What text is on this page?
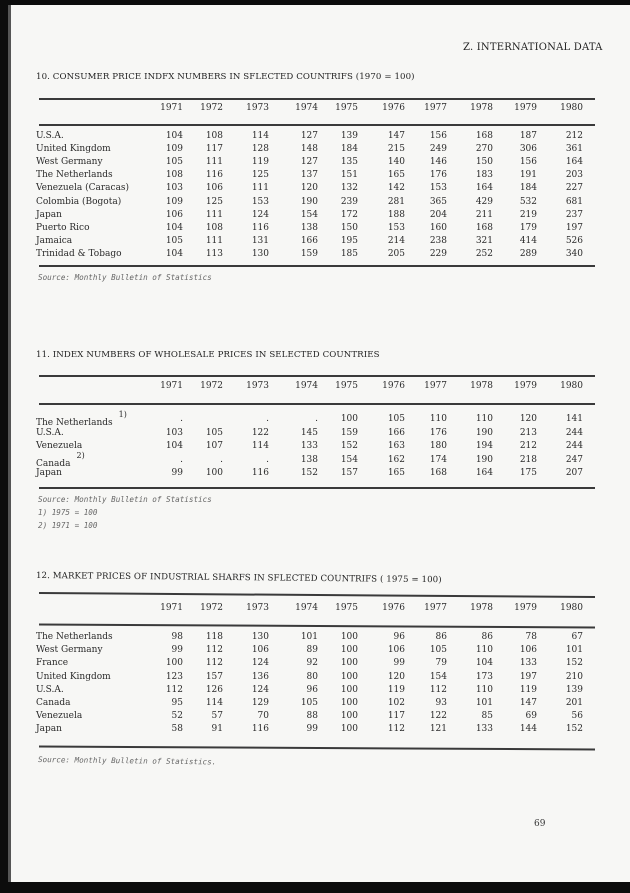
Z. INTERNATIONAL DATA
10. CONSUMER PRICE INDFX NUMBERS IN SFLECTED COUNTRIFS (1970 = 100)
1971	1972	1973	1974	1975	1976	1977	1978	1979	1980
U.S.A.	104	108	114	127	139	147	156	168	187	212
United Kingdom	109	117	128	148	184	215	249	270	306	361
West Germany	105	111	119	127	135	140	146	150	156	164
The Netherlands	108	116	125	137	151	165	176	183	191	203
Venezuela (Caracas)	103	106	111	120	132	142	153	164	184	227
Colombia (Bogota)	109	125	153	190	239	281	365	429	532	681
Japan	106	111	124	154	172	188	204	211	219	237
Puerto Rico	104	108	116	138	150	153	160	168	179	197
Jamaica	105	111	131	166	195	214	238	321	414	526
Trinidad & Tobago	104	113	130	159	185	205	229	252	289	340
Source: Monthly Bulletin of Statistics
11. INDEX NUMBERS OF WHOLESALE PRICES IN SELECTED COUNTRIES
1971	1972	1973	1974	1975	1976	1977	1978	1979	1980
The Netherlands$^{1)}$	.	.	.	100	105	110	110	120	141
U.S.A.	103	105	122	145	159	166	176	190	213	244
Venezuela	104	107	114	133	152	163	180	194	212	244
Canada$^{2)}$	.	.	.	138	154	162	174	190	218	247
Japan	99	100	116	152	157	165	168	164	175	207
Source: Monthly Bulletin of Statistics
1) 1975 = 100
2) 1971 = 100
12. MARKET PRICES OF INDUSTRIAL SHARFS IN SFLECTED COUNTRIFS ( 1975 = 100)
1971	1972	1973	1974	1975	1976	1977	1978	1979	1980
The Netherlands	98	118	130	101	100	96	86	86	78	67
West Germany	99	112	106	89	100	106	105	110	106	101
France	100	112	124	92	100	99	79	104	133	152
United Kingdom	123	157	136	80	100	120	154	173	197	210
U.S.A.	112	126	124	96	100	119	112	110	119	139
Canada	95	114	129	105	100	102	93	101	147	201
Venezuela	52	57	70	88	100	117	122	85	69	56
Japan	58	91	116	99	100	112	121	133	144	152
Source: Monthly Bulletin of Statistics.
69
